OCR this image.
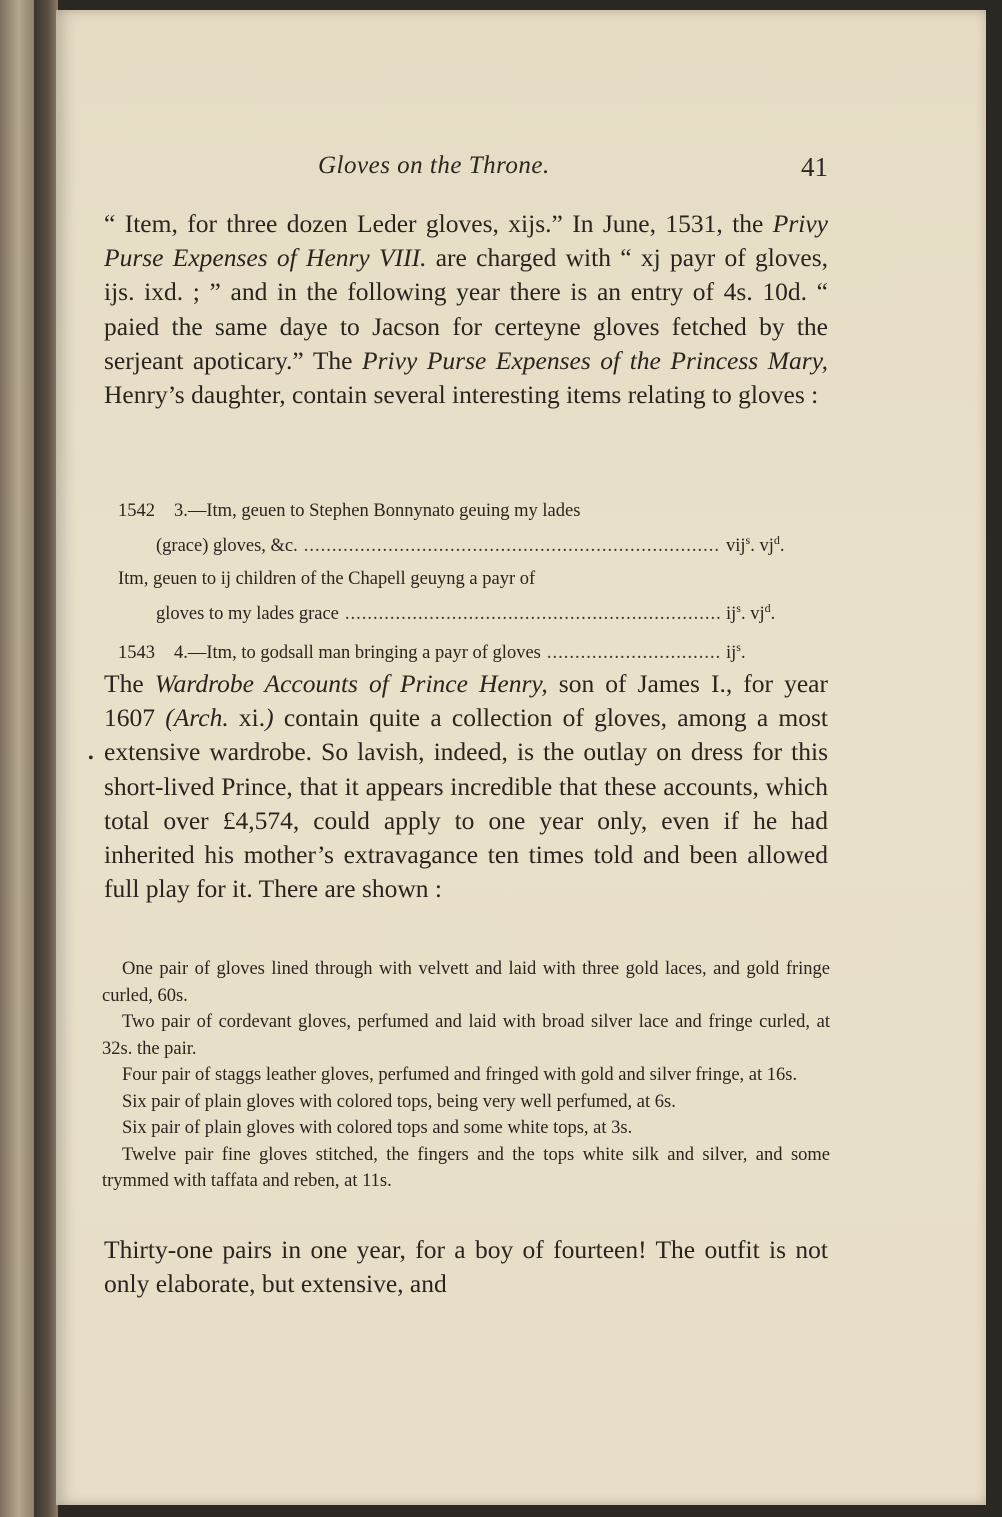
Gloves on the Throne.	41

“ Item, for three dozen Leder gloves, xijs.” In June, 1531, the Privy Purse Expenses of Henry VIII. are charged with “ xj payr of gloves, ijs. ixd. ; ” and in the following year there is an entry of 4s. 10d. “ paied the same daye to Jacson for certeyne gloves fetched by the serjeant apoticary.” The Privy Purse Expenses of the Princess Mary, Henry’s daughter, contain several interesting items relating to gloves :

1542	3.—Itm, geuen to Stephen Bonnynato geuing my lades
(grace) gloves, &c. .....	vij$^s$. $vj^d$.
Itm, geuen to ij children of the Chapell geuyng a payr of
gloves to my lades grace .....	$ij^s$. $vj^d$.
1543	4.—Itm, to godsall man bringing a payr of gloves .....	$ij^s$.
•

The Wardrobe Accounts of Prince Henry, son of James I., for year 1607 (Arch. xi.) contain quite a collection of gloves, among a most extensive wardrobe. So lavish, indeed, is the outlay on dress for this short-lived Prince, that it appears incredible that these accounts, which total over £4,574, could apply to one year only, even if he had inherited his mother’s extravagance ten times told and been allowed full play for it. There are shown :

One pair of gloves lined through with velvett and laid with three gold laces, and gold fringe curled, 60s.
Two pair of cordevant gloves, perfumed and laid with broad silver lace and fringe curled, at 32s. the pair.
Four pair of staggs leather gloves, perfumed and fringed with gold and silver fringe, at 16s.
Six pair of plain gloves with colored tops, being very well perfumed, at 6s.
Six pair of plain gloves with colored tops and some white tops, at 3s.
Twelve pair fine gloves stitched, the fingers and the tops white silk and silver, and some trymmed with taffata and reben, at 11s.

Thirty-one pairs in one year, for a boy of fourteen! The outfit is not only elaborate, but extensive, and
